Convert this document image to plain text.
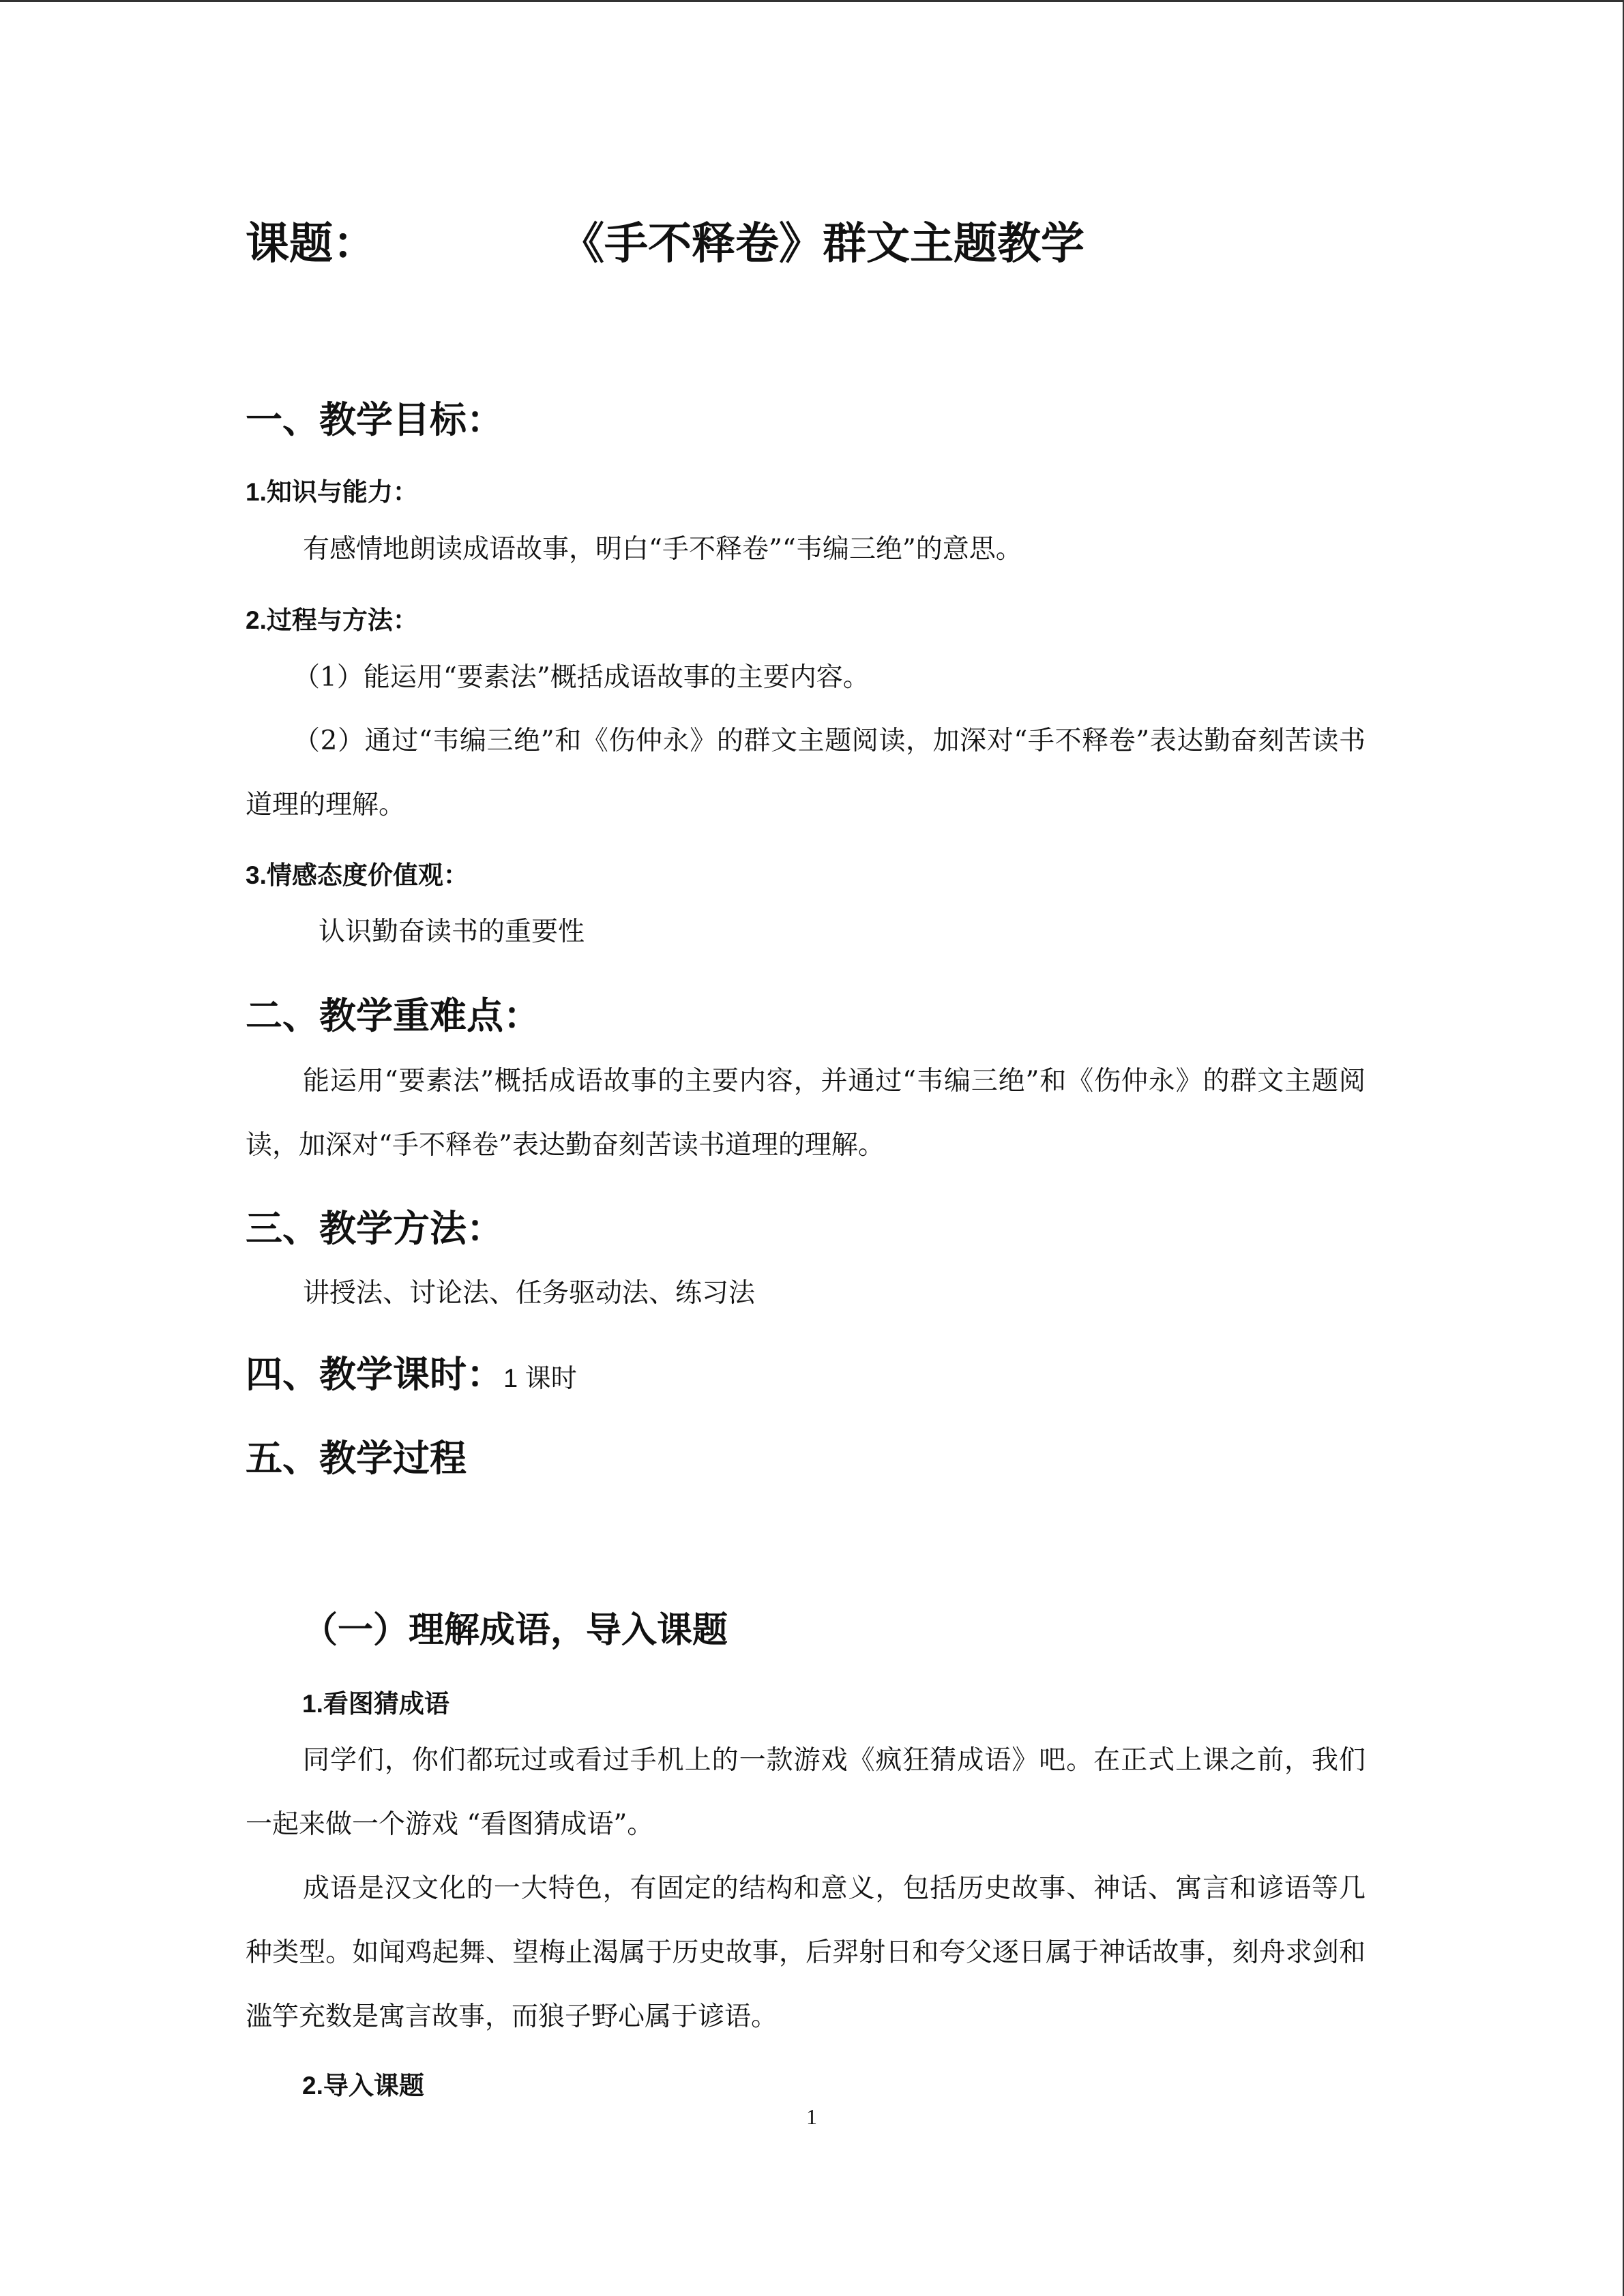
课题：	《手不释卷》群文主题教学
一、教学目标：
1.知识与能力：
有感情地朗读成语故事，明白“手不释卷”“韦编三绝”的意思。
2.过程与方法：
（1）能运用“要素法”概括成语故事的主要内容。
（2）通过“韦编三绝”和《伤仲永》的群文主题阅读，加深对“手不释卷”表达勤奋刻苦读书道理的理解。
3.情感态度价值观：
认识勤奋读书的重要性
二、教学重难点：
能运用“要素法”概括成语故事的主要内容，并通过“韦编三绝”和《伤仲永》的群文主题阅读，加深对“手不释卷”表达勤奋刻苦读书道理的理解。
三、教学方法：
讲授法、讨论法、任务驱动法、练习法
四、教学课时：1 课时
五、教学过程
（一）理解成语，导入课题
1.看图猜成语
同学们，你们都玩过或看过手机上的一款游戏《疯狂猜成语》吧。在正式上课之前，我们一起来做一个游戏 “看图猜成语”。
成语是汉文化的一大特色，有固定的结构和意义，包括历史故事、神话、寓言和谚语等几种类型。如闻鸡起舞、望梅止渴属于历史故事，后羿射日和夸父逐日属于神话故事，刻舟求剑和滥竽充数是寓言故事，而狼子野心属于谚语。
2.导入课题
1
